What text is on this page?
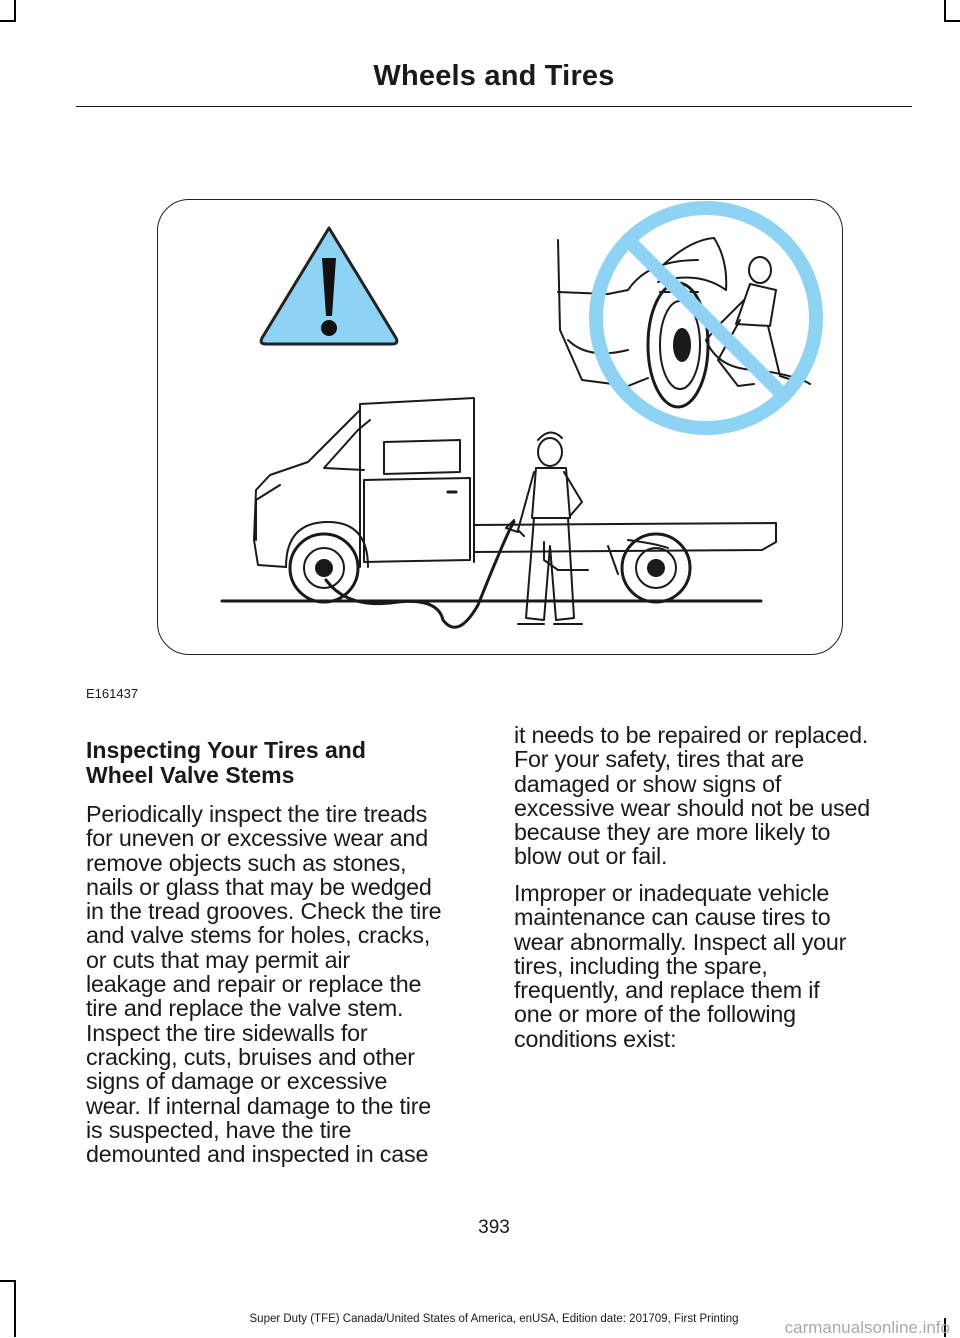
Wheels and Tires
E161437
Inspecting Your Tires and
Wheel Valve Stems
Periodically inspect the tire treads
for uneven or excessive wear and
remove objects such as stones,
nails or glass that may be wedged
in the tread grooves. Check the tire
and valve stems for holes, cracks,
or cuts that may permit air
leakage and repair or replace the
tire and replace the valve stem.
Inspect the tire sidewalls for
cracking, cuts, bruises and other
signs of damage or excessive
wear. If internal damage to the tire
is suspected, have the tire
demounted and inspected in case
it needs to be repaired or replaced.
For your safety, tires that are
damaged or show signs of
excessive wear should not be used
because they are more likely to
blow out or fail.
Improper or inadequate vehicle
maintenance can cause tires to
wear abnormally. Inspect all your
tires, including the spare,
frequently, and replace them if
one or more of the following
conditions exist:
393
Super Duty (TFE) Canada/United States of America, enUSA, Edition date: 201709, First Printing	carmanualsonline.info
